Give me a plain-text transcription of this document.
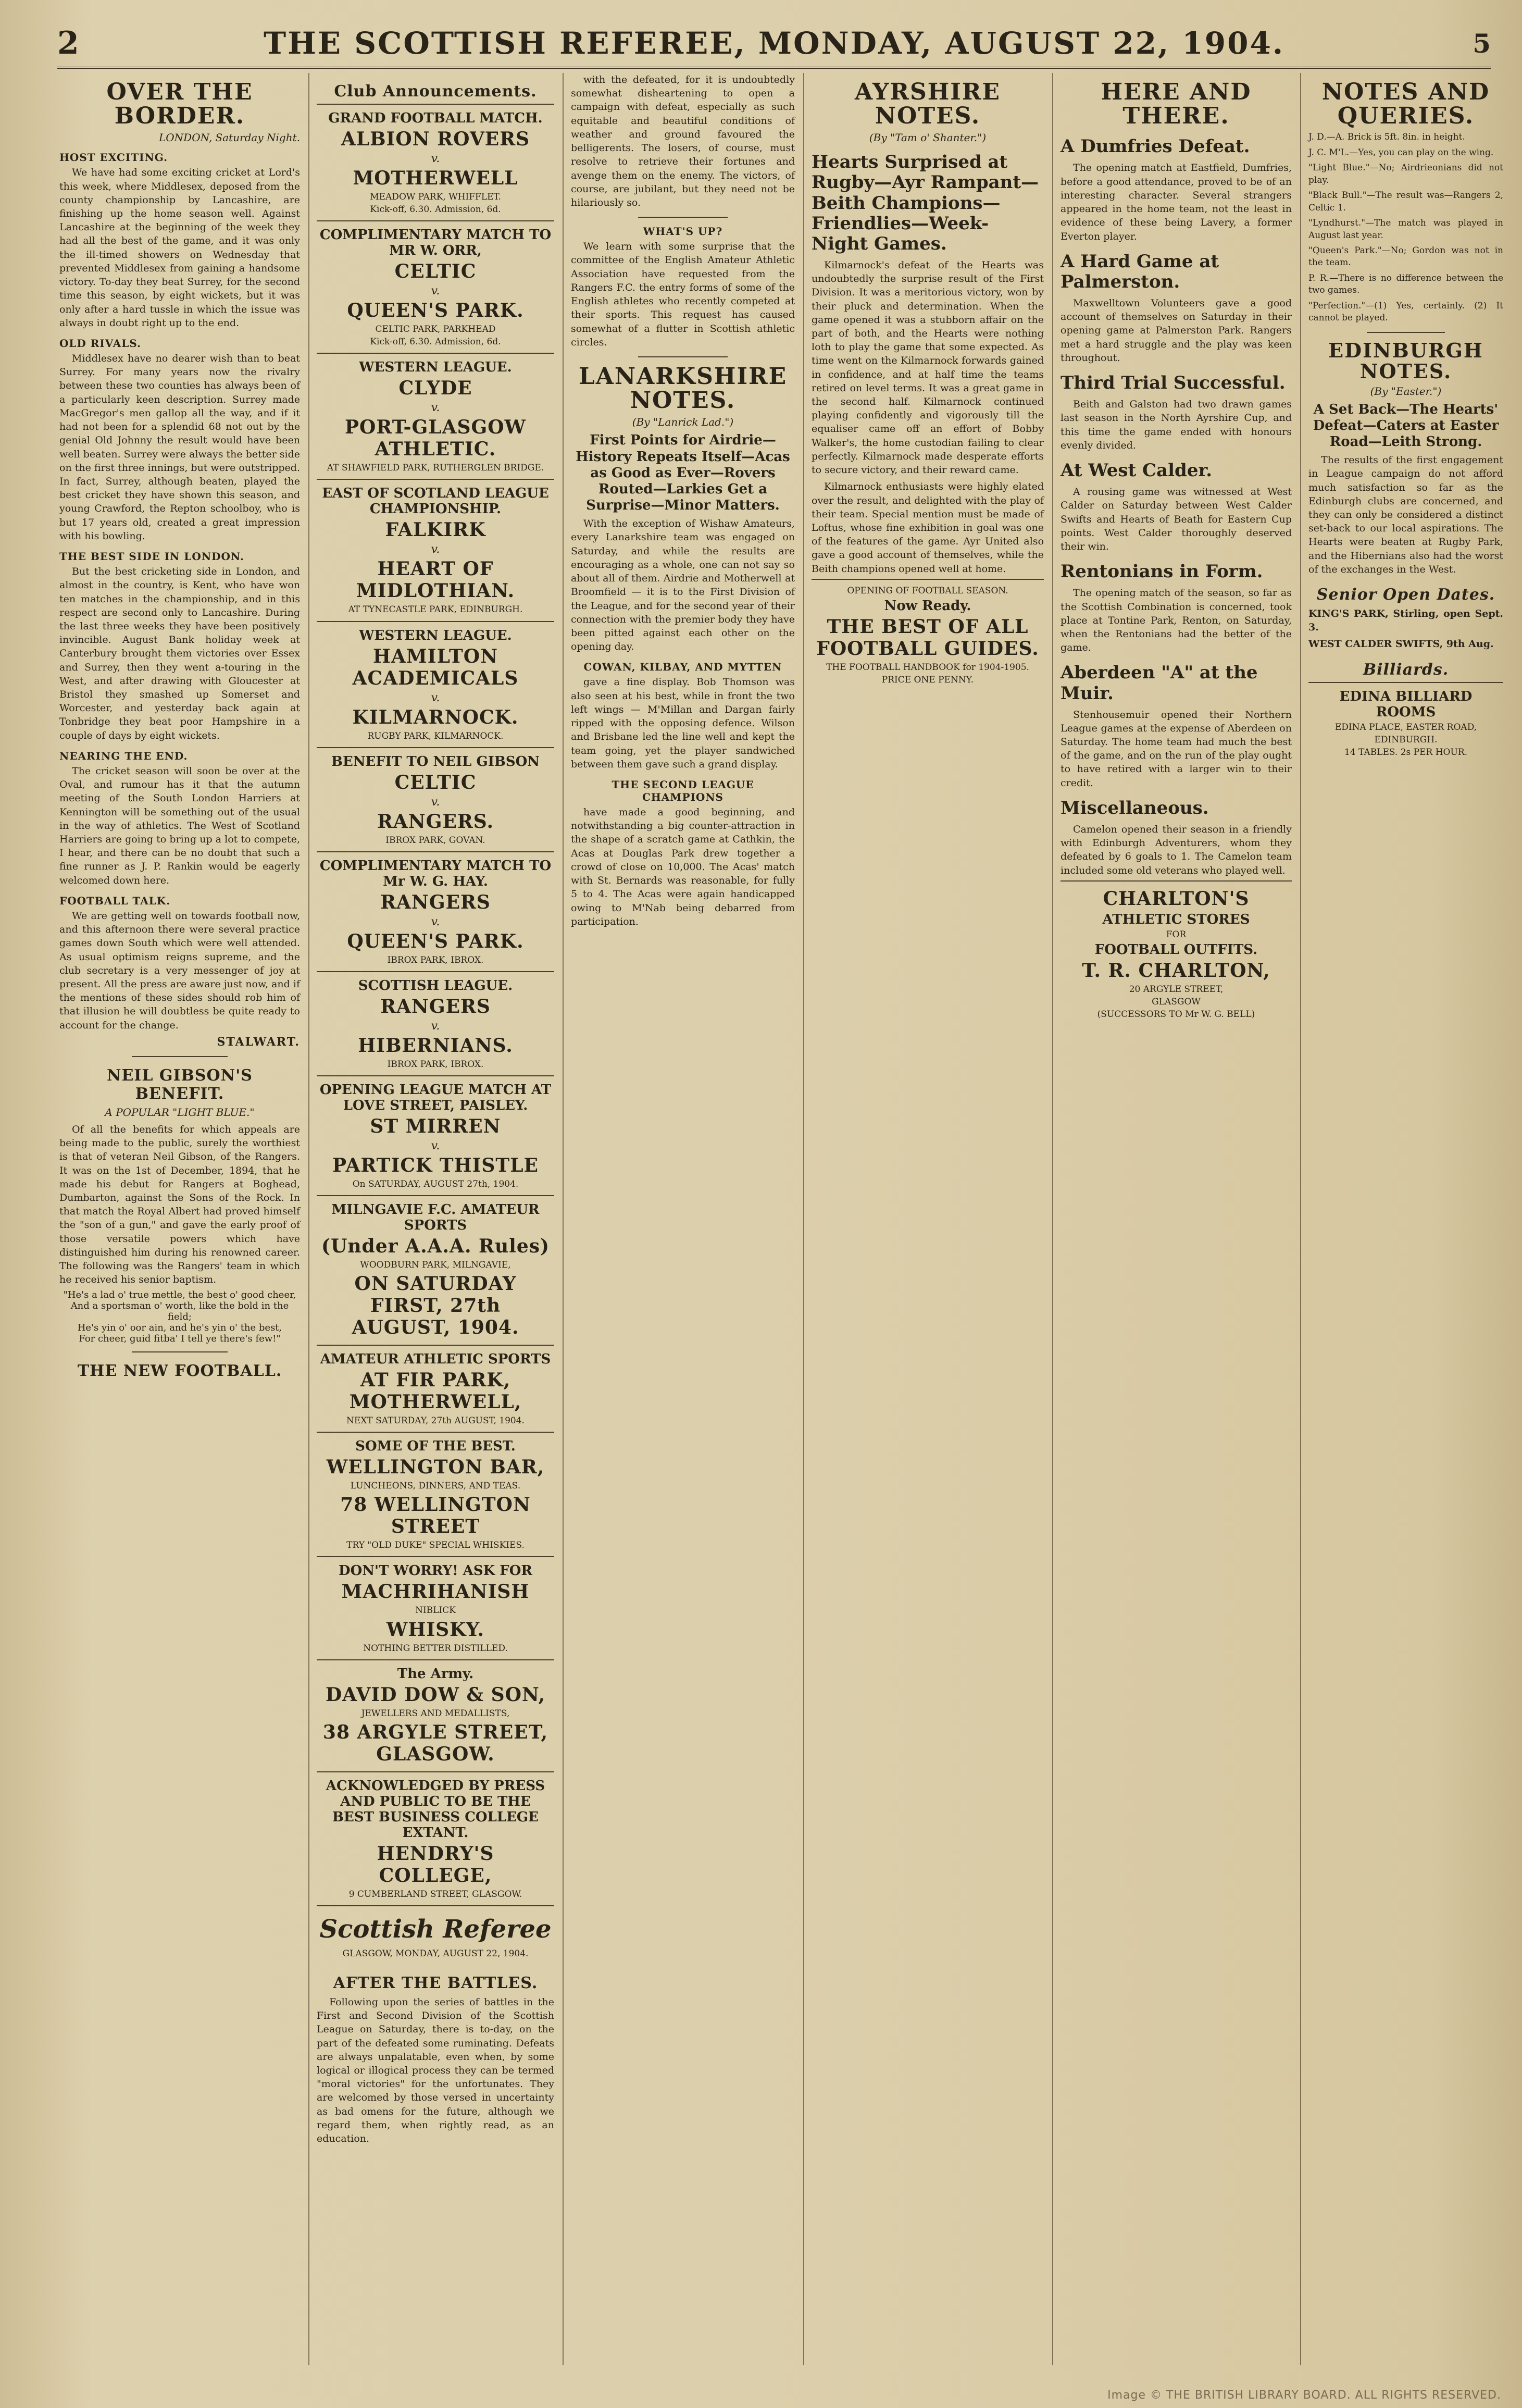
2	THE SCOTTISH REFEREE, MONDAY, AUGUST 22, 1904.	5
OVER THE BORDER.
LONDON, Saturday Night.
HOST EXCITING.

We have had some exciting cricket at Lord's this week, where Middlesex, deposed from the county championship by Lancashire, are finishing up the home season well. Against Lancashire at the beginning of the week they had all the best of the game, and it was only the ill-timed showers on Wednesday that prevented Middlesex from gaining a handsome victory. To-day they beat Surrey, for the second time this season, by eight wickets, but it was only after a hard tussle in which the issue was always in doubt right up to the end.

OLD RIVALS.

Middlesex have no dearer wish than to beat Surrey. For many years now the rivalry between these two counties has always been of a particularly keen description. Surrey made MacGregor's men gallop all the way, and if it had not been for a splendid 68 not out by the genial Old Johnny the result would have been well beaten. Surrey were always the better side on the first three innings, but were outstripped. In fact, Surrey, although beaten, played the best cricket they have shown this season, and young Crawford, the Repton schoolboy, who is but 17 years old, created a great impression with his bowling.

THE BEST SIDE IN LONDON.

But the best cricketing side in London, and almost in the country, is Kent, who have won ten matches in the championship, and in this respect are second only to Lancashire. During the last three weeks they have been positively invincible. August Bank holiday week at Canterbury brought them victories over Essex and Surrey, then they went a-touring in the West, and after drawing with Gloucester at Bristol they smashed up Somerset and Worcester, and yesterday back again at Tonbridge they beat poor Hampshire in a couple of days by eight wickets.

NEARING THE END.

The cricket season will soon be over at the Oval, and rumour has it that the autumn meeting of the South London Harriers at Kennington will be something out of the usual in the way of athletics. The West of Scotland Harriers are going to bring up a lot to compete, I hear, and there can be no doubt that such a fine runner as J. P. Rankin would be eagerly welcomed down here.

FOOTBALL TALK.

We are getting well on towards football now, and this afternoon there were several practice games down South which were well attended. As usual optimism reigns supreme, and the club secretary is a very messenger of joy at present. All the press are aware just now, and if the mentions of these sides should rob him of that illusion he will doubtless be quite ready to account for the change.

STALWART.
NEIL GIBSON'S BENEFIT.
A POPULAR "LIGHT BLUE."

Of all the benefits for which appeals are being made to the public, surely the worthiest is that of veteran Neil Gibson, of the Rangers. It was on the 1st of December, 1894, that he made his debut for Rangers at Boghead, Dumbarton, against the Sons of the Rock. In that match the Royal Albert had proved himself the "son of a gun," and gave the early proof of those versatile powers which have distinguished him during his renowned career. The following was the Rangers' team in which he received his senior baptism.

"He's a lad o' true mettle, the best o' good cheer,
And a sportsman o' worth, like the bold in the field;
He's yin o' oor ain, and he's yin o' the best,
For cheer, guid fitba' I tell ye there's few!"
THE NEW FOOTBALL.
Club Announcements.
GRAND FOOTBALL MATCH.
ALBION ROVERS
v.
MOTHERWELL
MEADOW PARK, WHIFFLET.
Kick-off, 6.30. Admission, 6d.
COMPLIMENTARY MATCH TO MR W. ORR,
CELTIC
v.
QUEEN'S PARK.
CELTIC PARK, PARKHEAD
Kick-off, 6.30. Admission, 6d.
WESTERN LEAGUE.
CLYDE
v.
PORT-GLASGOW ATHLETIC.
AT SHAWFIELD PARK, RUTHERGLEN BRIDGE.
EAST OF SCOTLAND LEAGUE CHAMPIONSHIP.
FALKIRK
v.
HEART OF MIDLOTHIAN.
AT TYNECASTLE PARK, EDINBURGH.
WESTERN LEAGUE.
HAMILTON ACADEMICALS
v.
KILMARNOCK.
RUGBY PARK, KILMARNOCK.
BENEFIT TO NEIL GIBSON
CELTIC
v.
RANGERS.
IBROX PARK, GOVAN.
COMPLIMENTARY MATCH TO Mr W. G. HAY.
RANGERS
v.
QUEEN'S PARK.
IBROX PARK, IBROX.
SCOTTISH LEAGUE.
RANGERS
v.
HIBERNIANS.
IBROX PARK, IBROX.
OPENING LEAGUE MATCH AT LOVE STREET, PAISLEY.
ST MIRREN
v.
PARTICK THISTLE
On SATURDAY, AUGUST 27th, 1904.
MILNGAVIE F.C. AMATEUR SPORTS
(Under A.A.A. Rules)
WOODBURN PARK, MILNGAVIE,
ON SATURDAY FIRST, 27th AUGUST, 1904.
AMATEUR ATHLETIC SPORTS
AT FIR PARK, MOTHERWELL,
NEXT SATURDAY, 27th AUGUST, 1904.
SOME OF THE BEST.
WELLINGTON BAR,
LUNCHEONS, DINNERS, AND TEAS.
78 WELLINGTON STREET
TRY "OLD DUKE" SPECIAL WHISKIES.
DON'T WORRY! ASK FOR
MACHRIHANISH
NIBLICK
WHISKY.
NOTHING BETTER DISTILLED.
The Army.
DAVID DOW & SON,
JEWELLERS AND MEDALLISTS,
38 ARGYLE STREET, GLASGOW.
ACKNOWLEDGED BY PRESS AND PUBLIC TO BE THE BEST BUSINESS COLLEGE EXTANT.
HENDRY'S COLLEGE,
9 CUMBERLAND STREET, GLASGOW.
Scottish Referee
GLASGOW, MONDAY, AUGUST 22, 1904.
AFTER THE BATTLES.

Following upon the series of battles in the First and Second Division of the Scottish League on Saturday, there is to-day, on the part of the defeated some ruminating. Defeats are always unpalatable, even when, by some logical or illogical process they can be termed "moral victories" for the unfortunates. They are welcomed by those versed in uncertainty as bad omens for the future, although we regard them, when rightly read, as an education.

with the defeated, for it is undoubtedly somewhat disheartening to open a campaign with defeat, especially as such equitable and beautiful conditions of weather and ground favoured the belligerents. The losers, of course, must resolve to retrieve their fortunes and avenge them on the enemy. The victors, of course, are jubilant, but they need not be hilariously so.

WHAT'S UP?

We learn with some surprise that the committee of the English Amateur Athletic Association have requested from the Rangers F.C. the entry forms of some of the English athletes who recently competed at their sports. This request has caused somewhat of a flutter in Scottish athletic circles.

LANARKSHIRE NOTES.
(By "Lanrick Lad.")
First Points for Airdrie—History Repeats Itself—Acas as Good as Ever—Rovers Routed—Larkies Get a Surprise—Minor Matters.

With the exception of Wishaw Amateurs, every Lanarkshire team was engaged on Saturday, and while the results are encouraging as a whole, one can not say so about all of them. Airdrie and Motherwell at Broomfield — it is to the First Division of the League, and for the second year of their connection with the premier body they have been pitted against each other on the opening day.

COWAN, KILBAY, AND MYTTEN

gave a fine display. Bob Thomson was also seen at his best, while in front the two left wings — M'Millan and Dargan fairly ripped with the opposing defence. Wilson and Brisbane led the line well and kept the team going, yet the player sandwiched between them gave such a grand display.

THE SECOND LEAGUE CHAMPIONS

have made a good beginning, and notwithstanding a big counter-attraction in the shape of a scratch game at Cathkin, the Acas at Douglas Park drew together a crowd of close on 10,000. The Acas' match with St. Bernards was reasonable, for fully 5 to 4. The Acas were again handicapped owing to M'Nab being debarred from participation.

AYRSHIRE NOTES.
(By "Tam o' Shanter.")
Hearts Surprised at Rugby—Ayr Rampant—Beith Champions—Friendlies—Week-Night Games.

Kilmarnock's defeat of the Hearts was undoubtedly the surprise result of the First Division. It was a meritorious victory, won by their pluck and determination. When the game opened it was a stubborn affair on the part of both, and the Hearts were nothing loth to play the game that some expected. As time went on the Kilmarnock forwards gained in confidence, and at half time the teams retired on level terms. It was a great game in the second half. Kilmarnock continued playing confidently and vigorously till the equaliser came off an effort of Bobby Walker's, the home custodian failing to clear perfectly. Kilmarnock made desperate efforts to secure victory, and their reward came.

Kilmarnock enthusiasts were highly elated over the result, and delighted with the play of their team. Special mention must be made of Loftus, whose fine exhibition in goal was one of the features of the game. Ayr United also gave a good account of themselves, while the Beith champions opened well at home.

OPENING OF FOOTBALL SEASON.
Now Ready.
THE BEST OF ALL FOOTBALL GUIDES.
THE FOOTBALL HANDBOOK for 1904-1905.
PRICE ONE PENNY.
HERE AND THERE.
A Dumfries Defeat.

The opening match at Eastfield, Dumfries, before a good attendance, proved to be of an interesting character. Several strangers appeared in the home team, not the least in evidence of these being Lavery, a former Everton player.

A Hard Game at Palmerston.

Maxwelltown Volunteers gave a good account of themselves on Saturday in their opening game at Palmerston Park. Rangers met a hard struggle and the play was keen throughout.

Third Trial Successful.

Beith and Galston had two drawn games last season in the North Ayrshire Cup, and this time the game ended with honours evenly divided.

At West Calder.

A rousing game was witnessed at West Calder on Saturday between West Calder Swifts and Hearts of Beath for Eastern Cup points. West Calder thoroughly deserved their win.

Rentonians in Form.

The opening match of the season, so far as the Scottish Combination is concerned, took place at Tontine Park, Renton, on Saturday, when the Rentonians had the better of the game.

Aberdeen "A" at the Muir.

Stenhousemuir opened their Northern League games at the expense of Aberdeen on Saturday. The home team had much the best of the game, and on the run of the play ought to have retired with a larger win to their credit.

Miscellaneous.

Camelon opened their season in a friendly with Edinburgh Adventurers, whom they defeated by 6 goals to 1. The Camelon team included some old veterans who played well.

CHARLTON'S
ATHLETIC STORES
FOR
FOOTBALL OUTFITS.
T. R. CHARLTON,
20 ARGYLE STREET,
GLASGOW
(SUCCESSORS TO Mr W. G. BELL)
NOTES AND QUERIES.

J. D.—A. Brick is 5ft. 8in. in height.

J. C. M'L.—Yes, you can play on the wing.

"Light Blue."—No; Airdrieonians did not play.

"Black Bull."—The result was—Rangers 2, Celtic 1.

"Lyndhurst."—The match was played in August last year.

"Queen's Park."—No; Gordon was not in the team.

P. R.—There is no difference between the two games.

"Perfection."—(1) Yes, certainly. (2) It cannot be played.

EDINBURGH NOTES.
(By "Easter.")
A Set Back—The Hearts' Defeat—Caters at Easter Road—Leith Strong.

The results of the first engagement in League campaign do not afford much satisfaction so far as the Edinburgh clubs are concerned, and they can only be considered a distinct set-back to our local aspirations. The Hearts were beaten at Rugby Park, and the Hibernians also had the worst of the exchanges in the West.

Senior Open Dates.

KING'S PARK, Stirling, open Sept. 3.

WEST CALDER SWIFTS, 9th Aug.

Billiards.
EDINA BILLIARD ROOMS
EDINA PLACE, EASTER ROAD,
EDINBURGH.
14 TABLES. 2s PER HOUR.
Image © THE BRITISH LIBRARY BOARD. ALL RIGHTS RESERVED.
